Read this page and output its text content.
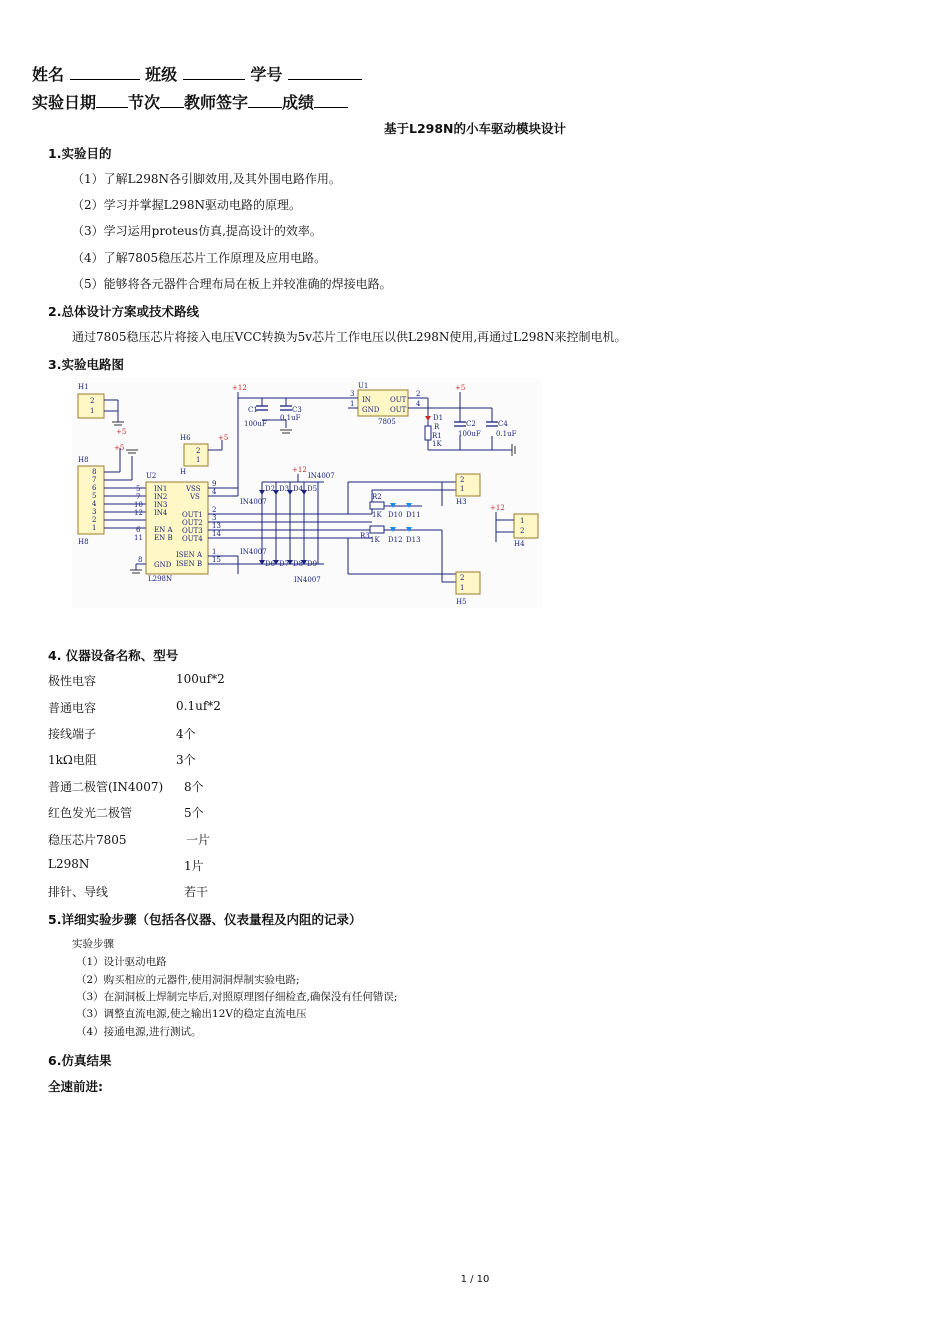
姓名	班级	学号
实验日期 节次 教师签字 成绩
基于L298N的小车驱动模块设计
1.实验目的
（1）了解L298N各引脚效用,及其外围电路作用。
（2）学习并掌握L298N驱动电路的原理。
（3）学习运用proteus仿真,提高设计的效率。
（4）了解7805稳压芯片工作原理及应用电路。
（5）能够将各元器件合理布局在板上并较准确的焊接电路。
2.总体设计方案或技术路线
通过7805稳压芯片将接入电压VCC转换为5v芯片工作电压以供L298N使用,再通过L298N来控制电机。
3.实验电路图
H1
2
1
+5
H8
8
7
6
5
4
3
2
1
H8
+5
H6
2
1
H
+5
U2
IN1
IN2
IN3
IN4
EN A
EN B
GND
5
7
10
12
6
11
8
VSS
VS
OUT1
OUT2
OUT3
OUT4
ISEN A
ISEN B
9
4
2
3
13
14
1
15
L298N
+12
C1
100uF
C3
0.1uF
U1
IN	OUT
GND OUT
7805
3
1
2
4
+5
D1
R
R1
1K
C2
100uF
C4
0.1uF
+12
IN4007
IN4007
IN4007
IN4007
D2 D3 D4 D5
D6 D7 D8 D9
R2
1K
R3 1K
D10 D11
D12 D13
2
1
H3
+12
1
2
H4
2
1
H5
4. 仪器设备名称、型号
极性电容	100uf*2
普通电容	0.1uf*2
接线端子	4个
1kΩ电阻	3个
普通二极管(IN4007) 8个
红色发光二极管	5个
稳压芯片7805	一片
L298N	1片
排针、导线	若干
5.详细实验步骤（包括各仪器、仪表量程及内阻的记录）
实验步骤
（1）设计驱动电路
（2）购买相应的元器件,使用洞洞焊制实验电路;
（3）在洞洞板上焊制完毕后,对照原理图仔细检查,确保没有任何错误;
（3）调整直流电源,使之输出12V的稳定直流电压
（4）接通电源,进行测试。
6.仿真结果
全速前进:
1 / 10
